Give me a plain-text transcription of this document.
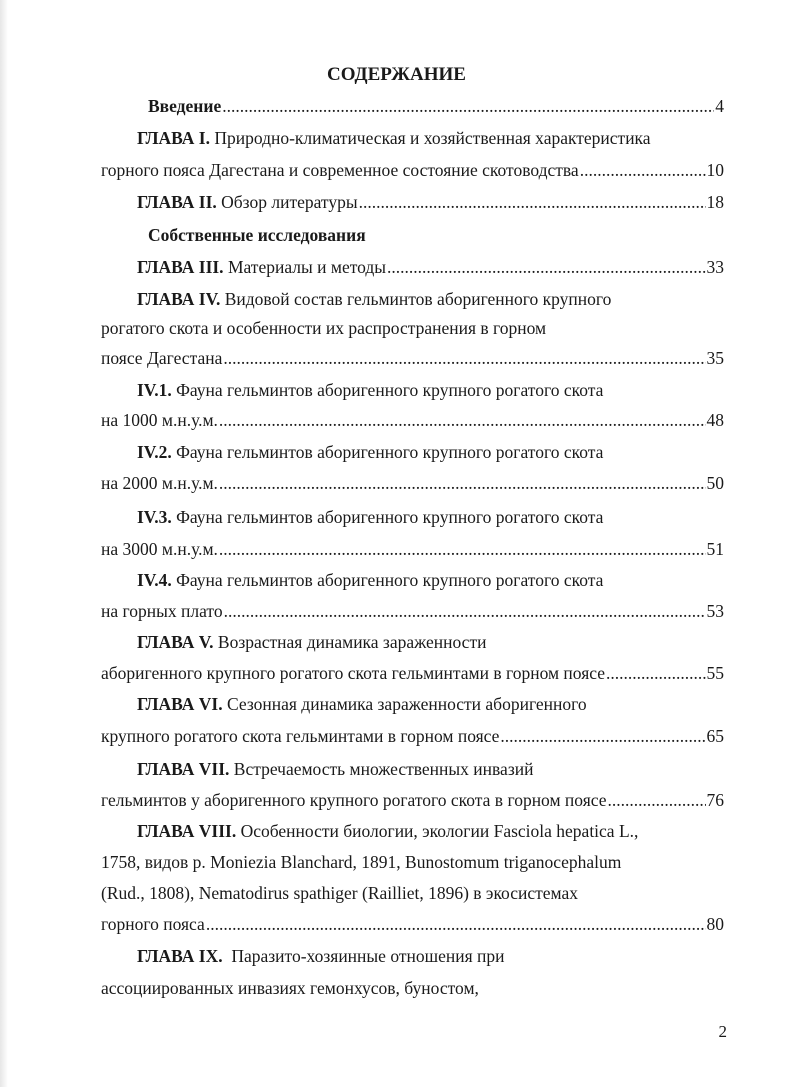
СОДЕРЖАНИЕ
Введение .....	4
ГЛАВА I. Природно-климатическая и хозяйственная характеристика
горного пояса Дагестана и современное состояние скотоводства .....	10
ГЛАВА II. Обзор литературы .....	18
Собственные исследования
ГЛАВА III. Материалы и методы .....	33
ГЛАВА IV. Видовой состав гельминтов аборигенного крупного
рогатого скота и особенности их распространения в горном
поясе Дагестана .....	35
IV.1. Фауна гельминтов аборигенного крупного рогатого скота
на 1000 м.н.у.м. .....	48
IV.2. Фауна гельминтов аборигенного крупного рогатого скота
на 2000 м.н.у.м. .....	50
IV.3. Фауна гельминтов аборигенного крупного рогатого скота
на 3000 м.н.у.м. .....	51
IV.4. Фауна гельминтов аборигенного крупного рогатого скота
на горных плато .....	53
ГЛАВА V. Возрастная динамика зараженности
аборигенного крупного рогатого скота гельминтами в горном поясе .....	55
ГЛАВА VI. Сезонная динамика зараженности аборигенного
крупного рогатого скота гельминтами в горном поясе .....	65
ГЛАВА VII. Встречаемость множественных инвазий
гельминтов у аборигенного крупного рогатого скота в горном поясе .....	76
ГЛАВА VIII. Особенности биологии, экологии Fasciola hepatica L.,
1758, видов р. Moniezia Blanchard, 1891, Bunostomum triganocephalum
(Rud., 1808), Nematodirus spathiger (Railliet, 1896) в экосистемах
горного пояса .....	80
ГЛАВА IX.  Паразито-хозяинные отношения при
ассоциированных инвазиях гемонхусов, буностом,
2
